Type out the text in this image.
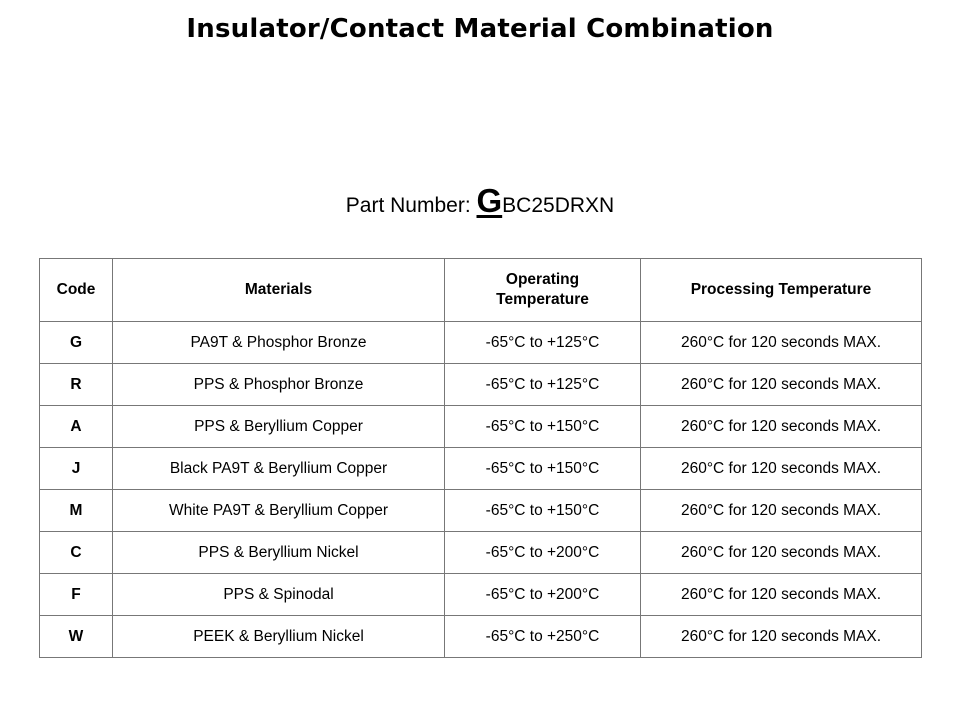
Insulator/Contact Material Combination
Part Number: GBC25DRXN
Code	Materials	Operating Temperature	Processing Temperature
G	PA9T & Phosphor Bronze	-65°C to +125°C	260°C for 120 seconds MAX.
R	PPS & Phosphor Bronze	-65°C to +125°C	260°C for 120 seconds MAX.
A	PPS & Beryllium Copper	-65°C to +150°C	260°C for 120 seconds MAX.
J	Black PA9T & Beryllium Copper	-65°C to +150°C	260°C for 120 seconds MAX.
M	White PA9T & Beryllium Copper	-65°C to +150°C	260°C for 120 seconds MAX.
C	PPS & Beryllium Nickel	-65°C to +200°C	260°C for 120 seconds MAX.
F	PPS & Spinodal	-65°C to +200°C	260°C for 120 seconds MAX.
W	PEEK & Beryllium Nickel	-65°C to +250°C	260°C for 120 seconds MAX.
